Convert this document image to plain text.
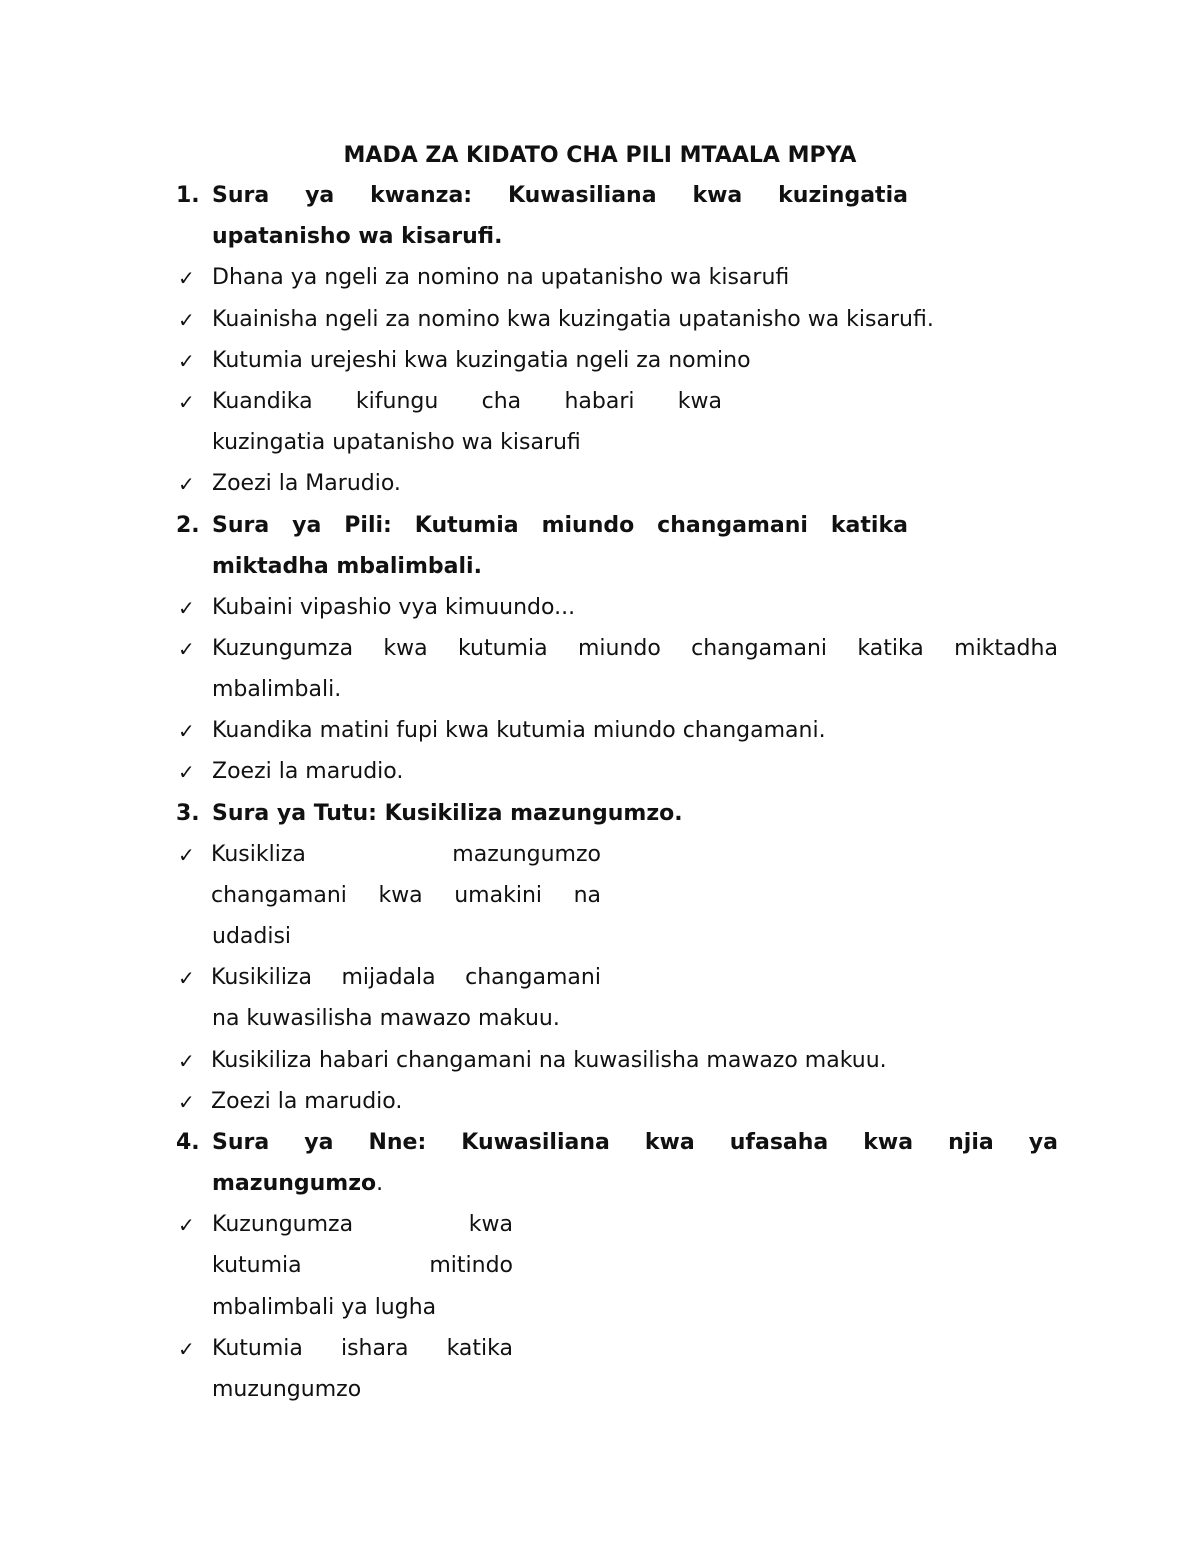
MADA ZA KIDATO CHA PILI MTAALA MPYA
1. Sura ya kwanza: Kuwasiliana kwa kuzingatia
upatanisho wa kisarufi.
✓ Dhana ya ngeli za nomino na upatanisho wa kisarufi
✓ Kuainisha ngeli za nomino kwa kuzingatia upatanisho wa kisarufi.
✓ Kutumia urejeshi kwa kuzingatia ngeli za nomino
✓ Kuandika kifungu cha habari kwa
kuzingatia upatanisho wa kisarufi
✓ Zoezi la Marudio.
2. Sura ya Pili: Kutumia miundo changamani katika
miktadha mbalimbali.
✓ Kubaini vipashio vya kimuundo...
✓ Kuzungumza kwa kutumia miundo changamani katika miktadha
mbalimbali.
✓ Kuandika matini fupi kwa kutumia miundo changamani.
✓ Zoezi la marudio.
3. Sura ya Tutu: Kusikiliza mazungumzo.
✓ Kusikliza	mazungumzo
changamani kwa umakini na
udadisi
✓ Kusikiliza mijadala changamani
na kuwasilisha mawazo makuu.
✓ Kusikiliza habari changamani na kuwasilisha mawazo makuu.
✓ Zoezi la marudio.
4. Sura ya Nne: Kuwasiliana kwa ufasaha kwa njia ya
mazungumzo.
✓ Kuzungumza	kwa
kutumia	mitindo
mbalimbali ya lugha
✓ Kutumia ishara katika
muzungumzo
